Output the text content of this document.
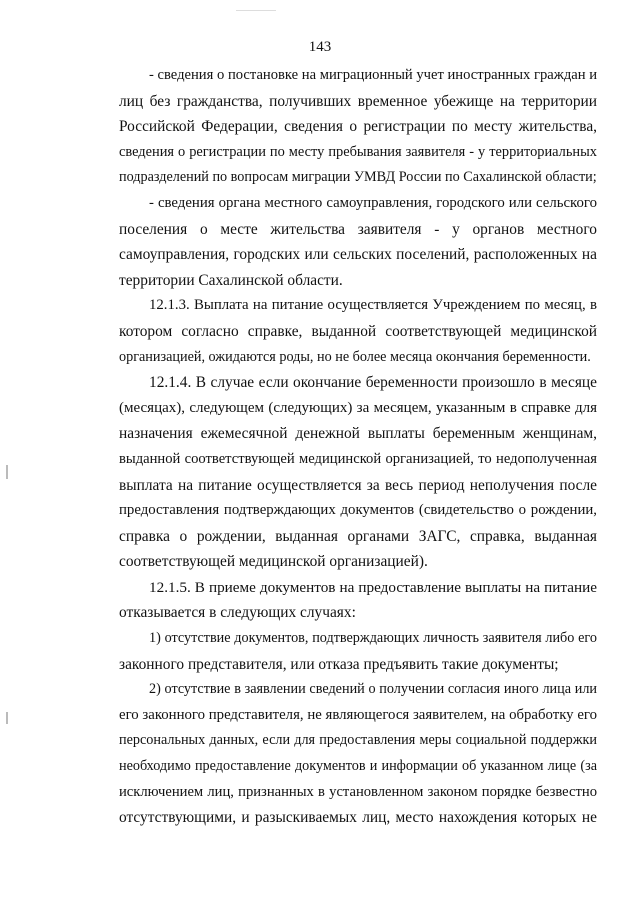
143
- сведения о постановке на миграционный учет иностранных граждан и
лиц без гражданства, получивших временное убежище на территории
Российской Федерации, сведения о регистрации по месту жительства,
сведения о регистрации по месту пребывания заявителя - у территориальных
подразделений по вопросам миграции УМВД России по Сахалинской области;
- сведения органа местного самоуправления, городского или сельского
поселения о месте жительства заявителя - у органов местного
самоуправления, городских или сельских поселений, расположенных на
территории Сахалинской области.
12.1.3. Выплата на питание осуществляется Учреждением по месяц, в
котором согласно справке, выданной соответствующей медицинской
организацией, ожидаются роды, но не более месяца окончания беременности.
12.1.4. В случае если окончание беременности произошло в месяце
(месяцах), следующем (следующих) за месяцем, указанным в справке для
назначения ежемесячной денежной выплаты беременным женщинам,
выданной соответствующей медицинской организацией, то недополученная
выплата на питание осуществляется за весь период неполучения после
предоставления подтверждающих документов (свидетельство о рождении,
справка о рождении, выданная органами ЗАГС, справка, выданная
соответствующей медицинской организацией).
12.1.5. В приеме документов на предоставление выплаты на питание
отказывается в следующих случаях:
1) отсутствие документов, подтверждающих личность заявителя либо его
законного представителя, или отказа предъявить такие документы;
2) отсутствие в заявлении сведений о получении согласия иного лица или
его законного представителя, не являющегося заявителем, на обработку его
персональных данных, если для предоставления меры социальной поддержки
необходимо предоставление документов и информации об указанном лице (за
исключением лиц, признанных в установленном законом порядке безвестно
отсутствующими, и разыскиваемых лиц, место нахождения которых не
